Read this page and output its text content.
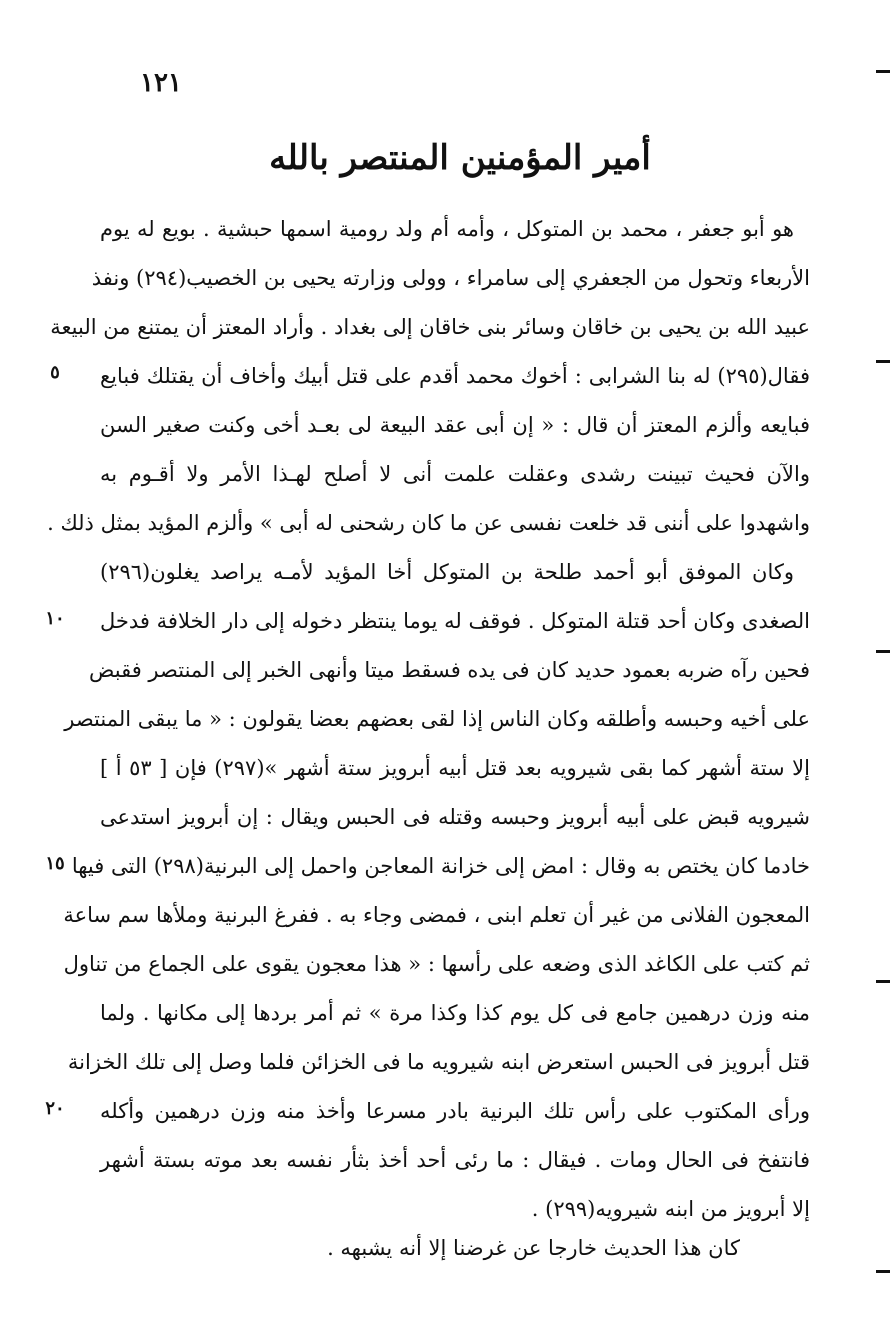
١٢١
أمير المؤمنين المنتصر بالله
هو أبو جعفر ، محمد بن المتوكل ، وأمه أم ولد رومية اسمها حبشية . بويع له يوم
الأربعاء وتحول من الجعفري إلى سامراء ، وولى وزارته يحيى بن الخصيب(٢٩٤) ونفذ
عبيد الله بن يحيى بن خاقان وسائر بنى خاقان إلى بغداد . وأراد المعتز أن يمتنع من البيعة
فقال(٢٩٥) له بنا الشرابى : أخوك محمد أقدم على قتل أبيك وأخاف أن يقتلك فبايع
فبايعه وألزم المعتز أن قال : « إن أبى عقد البيعة لى بعـد أخى وكنت صغير السن
والآن فحيث تبينت رشدى وعقلت علمت أنى لا أصلح لهـذا الأمر ولا أقـوم به
واشهدوا على أننى قد خلعت نفسى عن ما كان رشحنى له أبى » وألزم المؤيد بمثل ذلك .
وكان الموفق أبو أحمد طلحة بن المتوكل أخا المؤيد لأمـه يراصد يغلون(٢٩٦)
الصغدى وكان أحد قتلة المتوكل . فوقف له يوما ينتظر دخوله إلى دار الخلافة فدخل
فحين رآه ضربه بعمود حديد كان فى يده فسقط ميتا وأنهى الخبر إلى المنتصر فقبض
على أخيه وحبسه وأطلقه وكان الناس إذا لقى بعضهم بعضا يقولون : « ما يبقى المنتصر
إلا ستة أشهر كما بقى شيرويه بعد قتل أبيه أبرويز ستة أشهر »(٢٩٧) فإن [ ٥٣ أ ]
شيرويه قبض على أبيه أبرويز وحبسه وقتله فى الحبس ويقال : إن أبرويز استدعى
خادما كان يختص به وقال : امض إلى خزانة المعاجن واحمل إلى البرنية(٢٩٨) التى فيها
المعجون الفلانى من غير أن تعلم ابنى ، فمضى وجاء به . ففرغ البرنية وملأها سم ساعة
ثم كتب على الكاغد الذى وضعه على رأسها : « هذا معجون يقوى على الجماع من تناول
منه وزن درهمين جامع فى كل يوم كذا وكذا مرة » ثم أمر بردها إلى مكانها . ولما
قتل أبرويز فى الحبس استعرض ابنه شيرويه ما فى الخزائن فلما وصل إلى تلك الخزانة
ورأى المكتوب على رأس تلك البرنية بادر مسرعا وأخذ منه وزن درهمين وأكله
فانتفخ فى الحال ومات . فيقال : ما رئى أحد أخذ بثأر نفسه بعد موته بستة أشهر
إلا أبرويز من ابنه شيرويه(٢٩٩) .
كان هذا الحديث خارجا عن غرضنا إلا أنه يشبهه .
٥
١٠
١٥
٢٠
